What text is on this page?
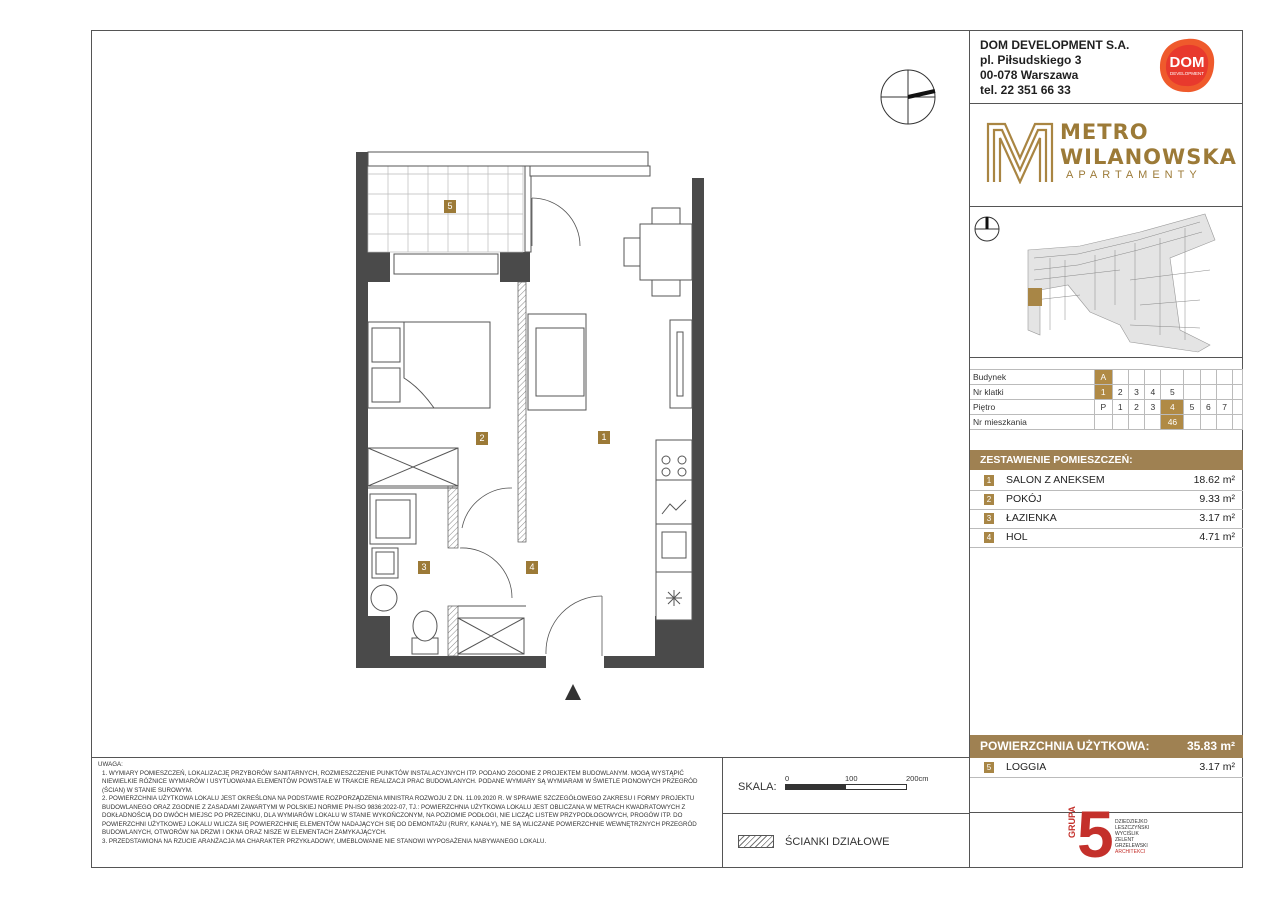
DOM DEVELOPMENT S.A.
pl. Piłsudskiego 3
00-078 Warszawa
tel. 22 351 66 33
DOM
DEVELOPMENT
METRO
WILANOWSKA
APARTAMENTY
Budynek	A								
Nr klatki	1	2	3	4	5				
Piętro	P	1	2	3	4	5	6	7	
Nr mieszkania					46				
ZESTAWIENIE POMIESZCZEŃ:
1 SALON Z ANEKSEM	18.62 m²
2 POKÓJ	9.33 m²
3 ŁAZIENKA	3.17 m²
4 HOL	4.71 m²
POWIERZCHNIA UŻYTKOWA:	35.83 m²
5 LOGGIA	3.17 m²
UWAGA:
1. WYMIARY POMIESZCZEŃ, LOKALIZACJĘ PRZYBORÓW SANITARNYCH, ROZMIESZCZENIE PUNKTÓW INSTALACYJNYCH ITP. PODANO ZGODNIE Z PROJEKTEM BUDOWLANYM. MOGĄ WYSTĄPIĆ NIEWIELKIE RÓŻNICE WYMIARÓW I USYTUOWANIA ELEMENTÓW POWSTAŁE W TRAKCIE REALIZACJI PRAC BUDOWLANYCH. PODANE WYMIARY SĄ WYMIARAMI W ŚWIETLE PIONOWYCH PRZEGRÓD (ŚCIAN) W STANIE SUROWYM.
2. POWIERZCHNIA UŻYTKOWA LOKALU JEST OKREŚLONA NA PODSTAWIE ROZPORZĄDZENIA MINISTRA ROZWOJU Z DN. 11.09.2020 R. W SPRAWIE SZCZEGÓŁOWEGO ZAKRESU I FORMY PROJEKTU BUDOWLANEGO ORAZ ZGODNIE Z ZASADAMI ZAWARTYMI W POLSKIEJ NORMIE PN-ISO 9836:2022-07, TJ.: POWIERZCHNIA UŻYTKOWA LOKALU JEST OBLICZANA W METRACH KWADRATOWYCH Z DOKŁADNOŚCIĄ DO DWÓCH MIEJSC PO PRZECINKU, DLA WYMIARÓW LOKALU W STANIE WYKOŃCZONYM, NA POZIOMIE PODŁOGI, NIE LICZĄC LISTEW PRZYPODŁOGOWYCH, PROGÓW ITP. DO POWIERZCHNI UŻYTKOWEJ LOKALU WLICZA SIĘ POWIERZCHNIĘ ELEMENTÓW NADAJĄCYCH SIĘ DO DEMONTAŻU (RURY, KANAŁY), NIE SĄ WLICZANE POWIERZCHNIE WEWNĘTRZNYCH PRZEGRÓD BUDOWLANYCH, OTWORÓW NA DRZWI I OKNA ORAZ NISZE W ELEMENTACH ZAMYKAJĄCYCH.
3. PRZEDSTAWIONA NA RZUCIE ARANŻACJA MA CHARAKTER PRZYKŁADOWY, UMEBLOWANIE NIE STANOWI WYPOSAŻENIA NABYWANEGO LOKALU.
SKALA:
0	100	200cm
ŚCIANKI DZIAŁOWE
GRUPA 5 DZIEDZIEJKO
LESZCZYŃSKI
WYCIŚLIK
ZELENT
GRZELEWSKI
ARCHITEKCI
1
2
3	4
5
